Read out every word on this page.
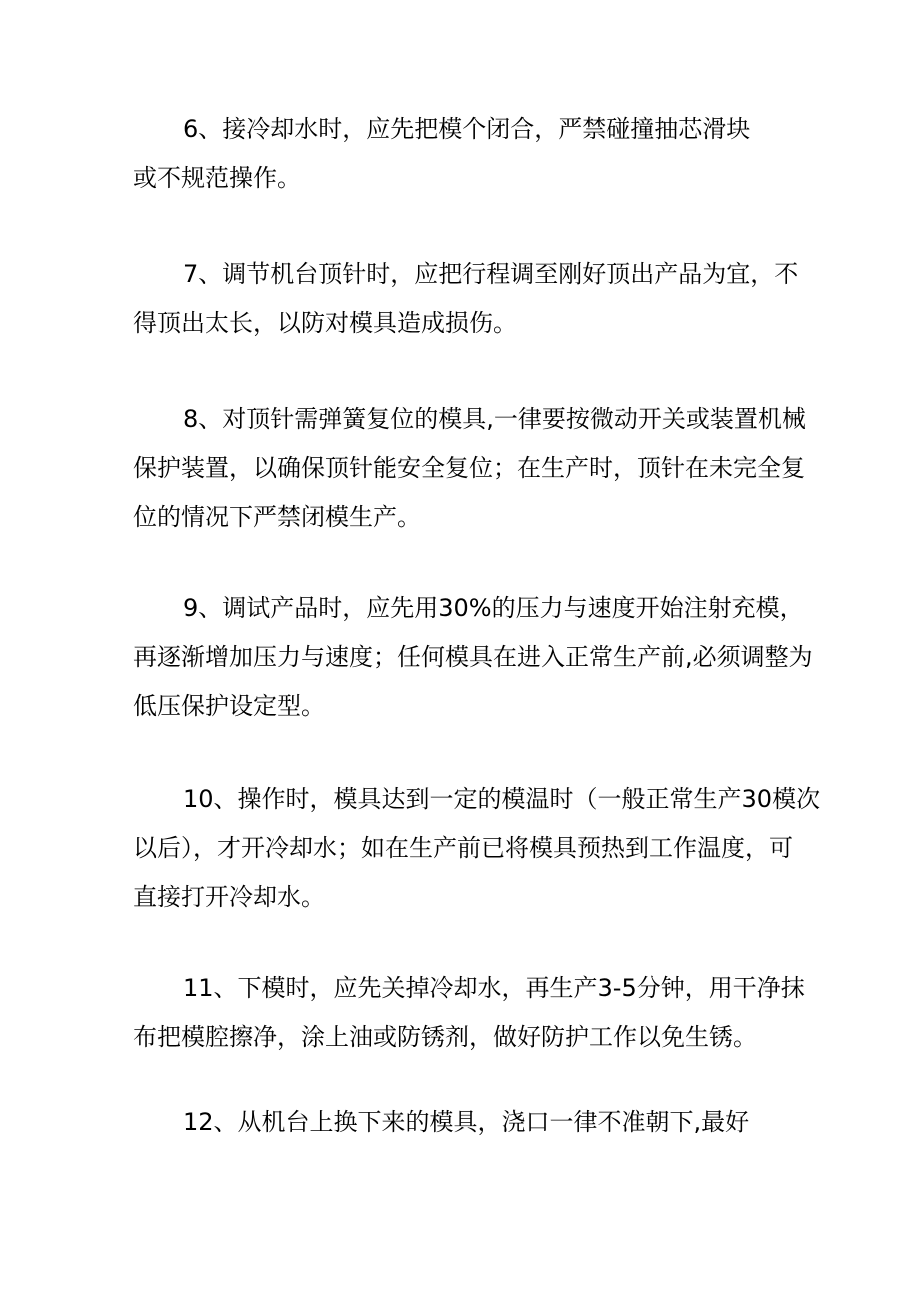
6、接冷却水时，应先把模个闭合，严禁碰撞抽芯滑块
或不规范操作。
7、调节机台顶针时，应把行程调至刚好顶出产品为宜，不
得顶出太长，以防对模具造成损伤。
8、对顶针需弹簧复位的模具,一律要按微动开关或装置机械
保护装置，以确保顶针能安全复位；在生产时，顶针在未完全复
位的情况下严禁闭模生产。
9、调试产品时，应先用30%的压力与速度开始注射充模，
再逐渐增加压力与速度；任何模具在进入正常生产前,必须调整为
低压保护设定型。
10、操作时，模具达到一定的模温时（一般正常生产30模次
以后），才开冷却水；如在生产前已将模具预热到工作温度，可
直接打开冷却水。
11、下模时，应先关掉冷却水，再生产3-5分钟，用干净抹
布把模腔擦净，涂上油或防锈剂，做好防护工作以免生锈。
12、从机台上换下来的模具，浇口一律不准朝下,最好
